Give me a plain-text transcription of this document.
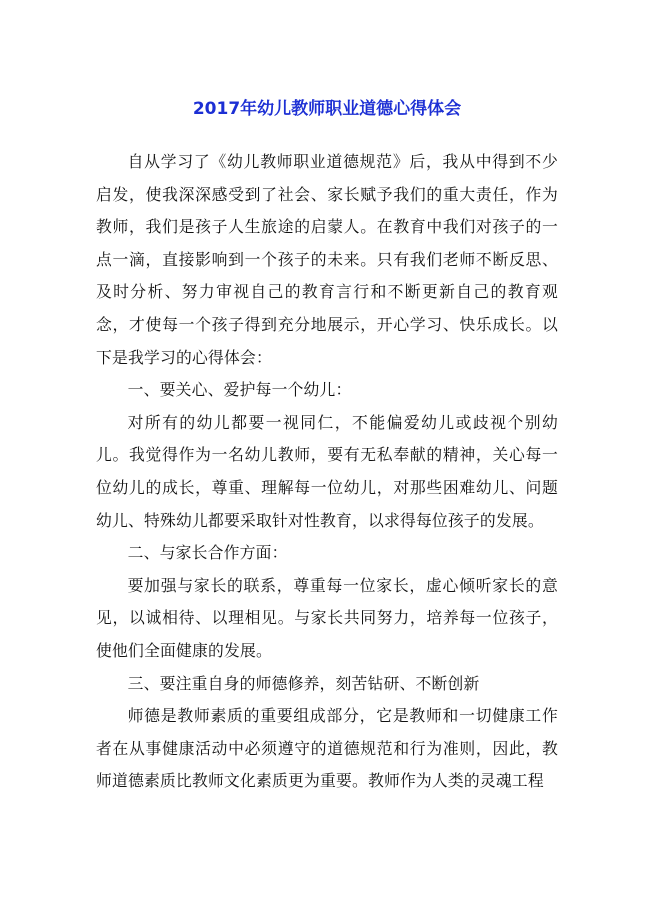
2017年幼儿教师职业道德心得体会

自从学习了《幼儿教师职业道德规范》后，我从中得到不少启发，使我深深感受到了社会、家长赋予我们的重大责任，作为教师，我们是孩子人生旅途的启蒙人。在教育中我们对孩子的一点一滴，直接影响到一个孩子的未来。只有我们老师不断反思、及时分析、努力审视自己的教育言行和不断更新自己的教育观念，才使每一个孩子得到充分地展示，开心学习、快乐成长。以下是我学习的心得体会：

一、要关心、爱护每一个幼儿：

对所有的幼儿都要一视同仁，不能偏爱幼儿或歧视个别幼儿。我觉得作为一名幼儿教师，要有无私奉献的精神，关心每一位幼儿的成长，尊重、理解每一位幼儿，对那些困难幼儿、问题幼儿、特殊幼儿都要采取针对性教育，以求得每位孩子的发展。

二、与家长合作方面：

要加强与家长的联系，尊重每一位家长，虚心倾听家长的意见，以诚相待、以理相见。与家长共同努力，培养每一位孩子，使他们全面健康的发展。

三、要注重自身的师德修养，刻苦钻研、不断创新

师德是教师素质的重要组成部分，它是教师和一切健康工作者在从事健康活动中必须遵守的道德规范和行为准则，因此，教师道德素质比教师文化素质更为重要。教师作为人类的灵魂工程
